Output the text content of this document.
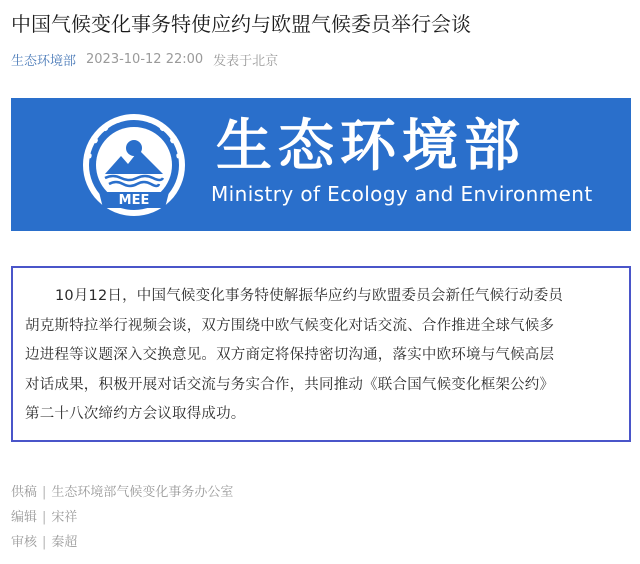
中国气候变化事务特使应约与欧盟气候委员举行会谈
生态环境部 2023-10-12 22:00 发表于北京
MEE
生态环境部
Ministry of Ecology and Environment

10月12日，中国气候变化事务特使解振华应约与欧盟委员会新任气候行动委员

胡克斯特拉举行视频会谈，双方围绕中欧气候变化对话交流、合作推进全球气候多

边进程等议题深入交换意见。双方商定将保持密切沟通，落实中欧环境与气候高层

对话成果，积极开展对话交流与务实合作，共同推动《联合国气候变化框架公约》

第二十八次缔约方会议取得成功。

供稿 | 生态环境部气候变化事务办公室
编辑 | 宋祥
审核 | 秦超
